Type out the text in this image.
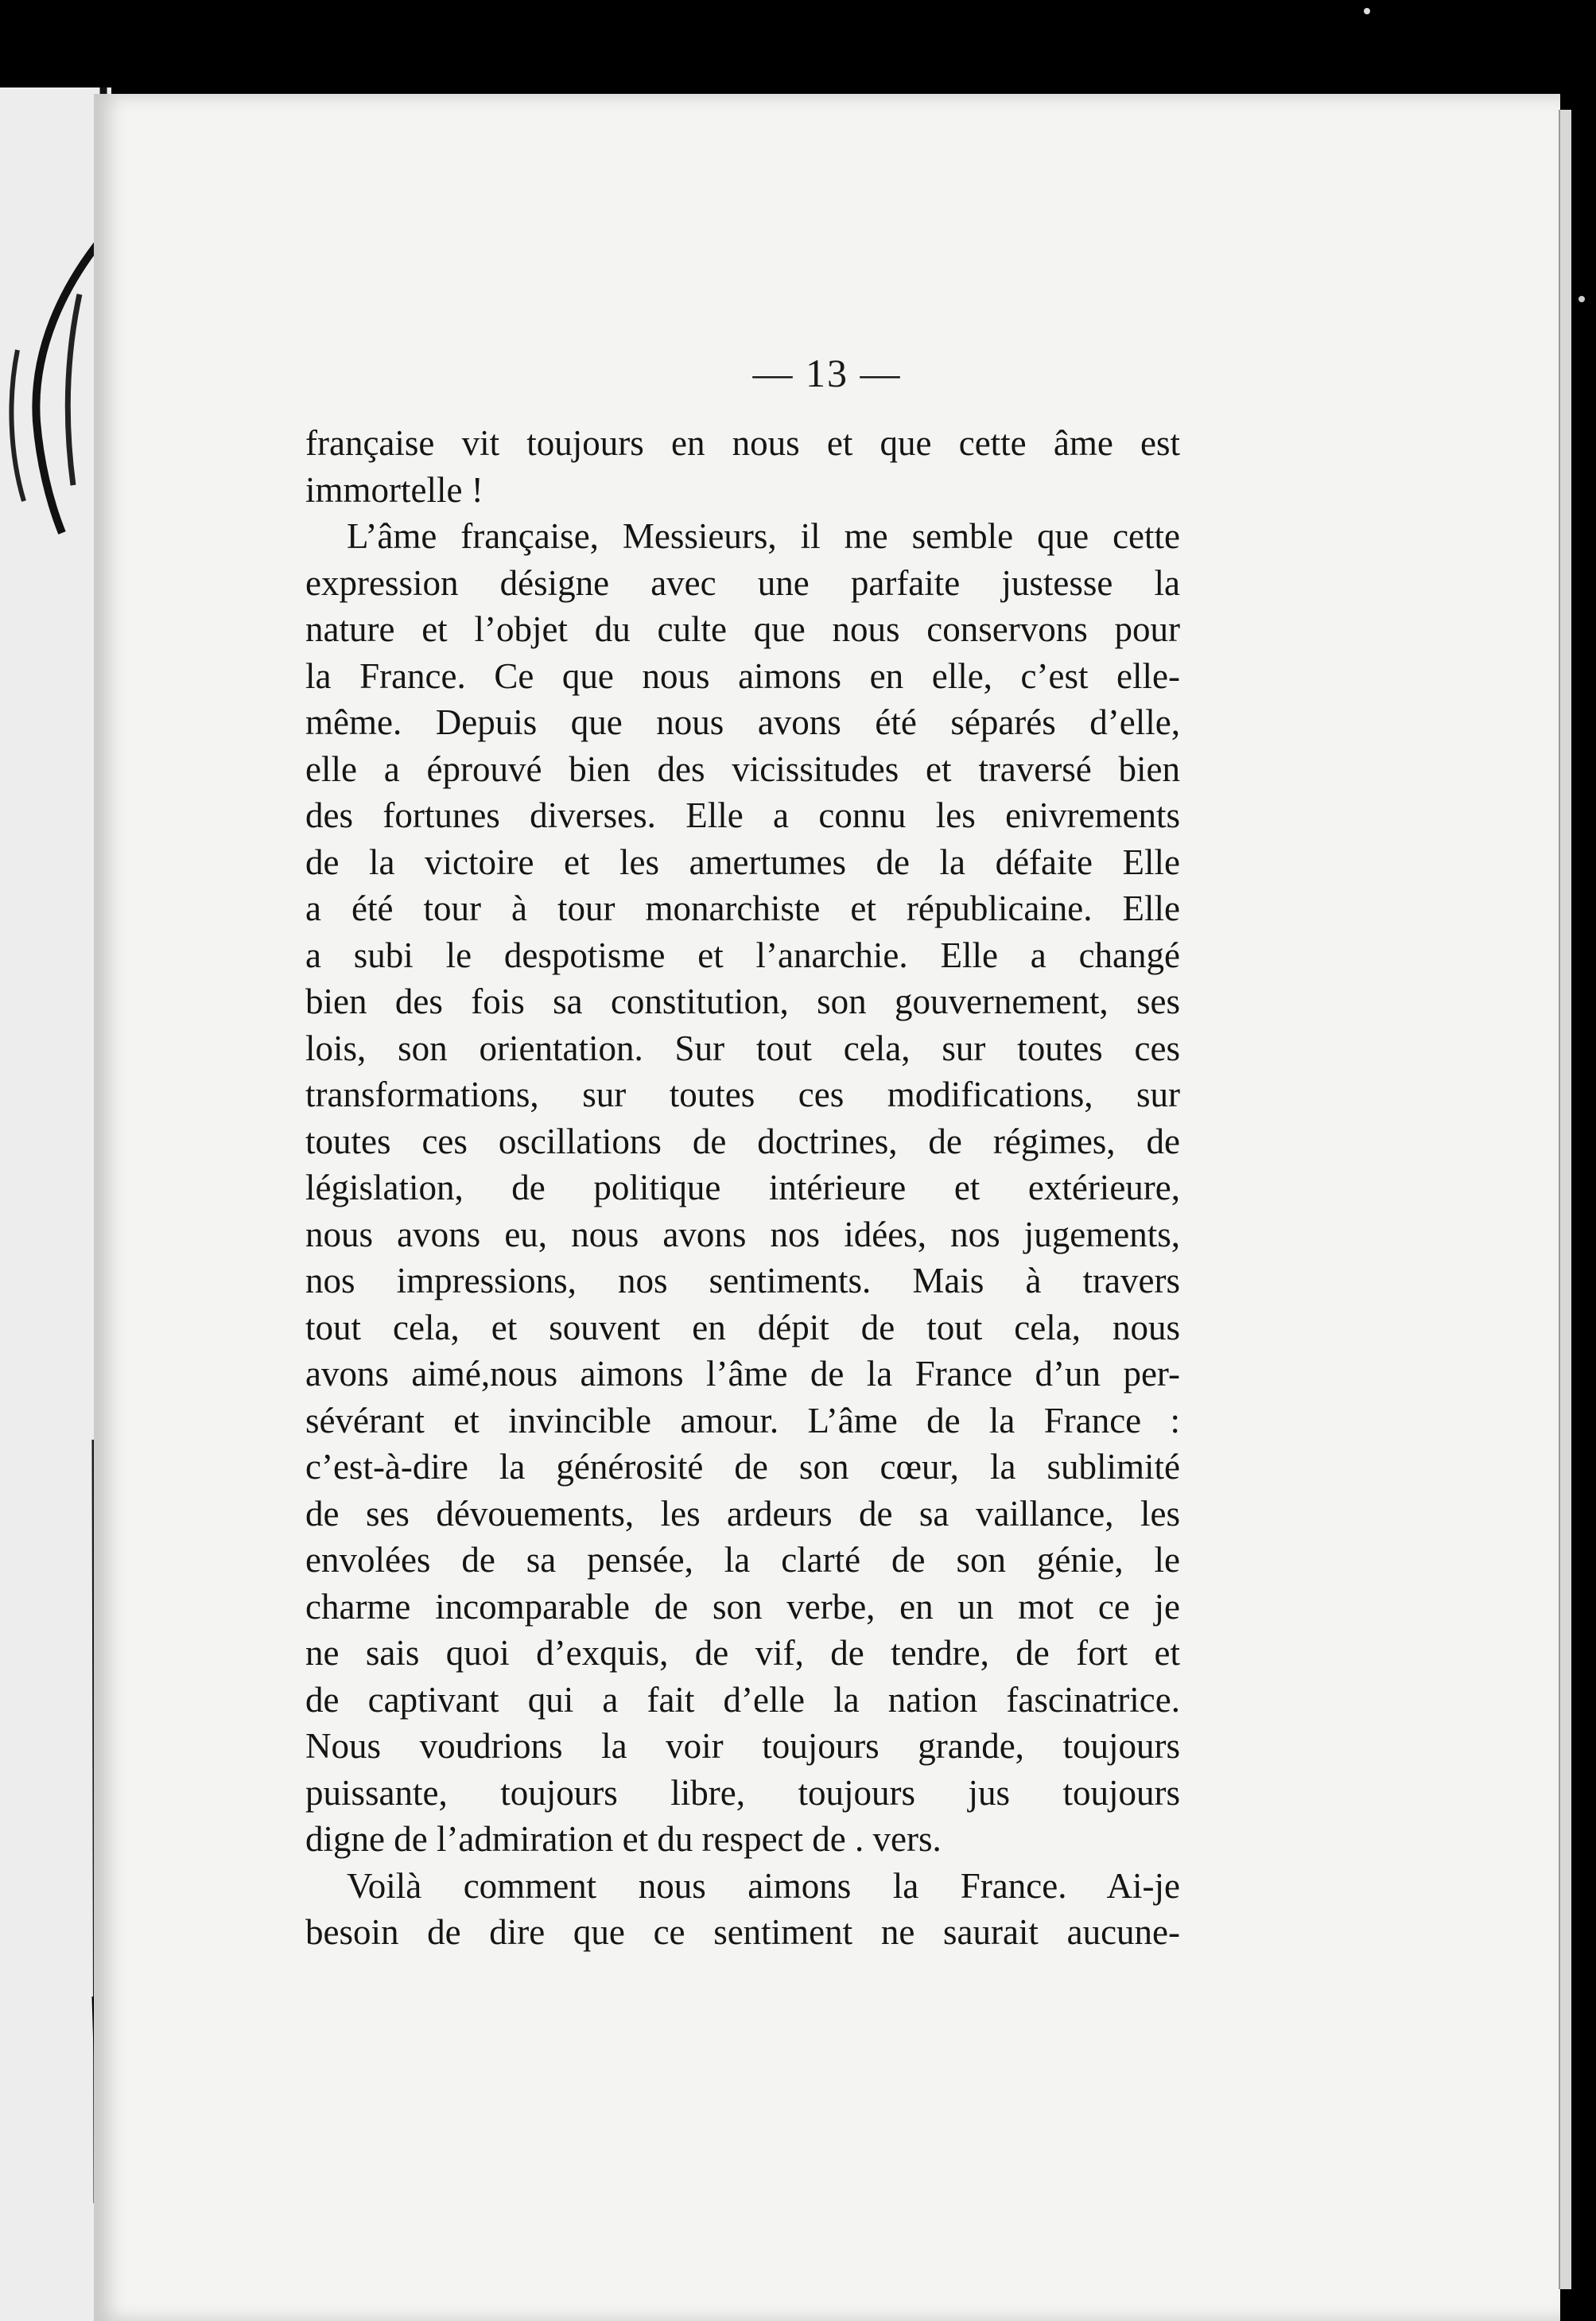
— 13 —
française vit toujours en nous et que cette âme est
immortelle !
L’âme française, Messieurs, il me semble que cette
expression désigne avec une parfaite justesse la
nature et l’objet du culte que nous conservons pour
la France. Ce que nous aimons en elle, c’est elle-
même. Depuis que nous avons été séparés d’elle,
elle a éprouvé bien des vicissitudes et traversé bien
des fortunes diverses. Elle a connu les enivrements
de la victoire et les amertumes de la défaite Elle
a été tour à tour monarchiste et républicaine. Elle
a subi le despotisme et l’anarchie. Elle a changé
bien des fois sa constitution, son gouvernement, ses
lois, son orientation. Sur tout cela, sur toutes ces
transformations, sur toutes ces modifications, sur
toutes ces oscillations de doctrines, de régimes, de
législation, de politique intérieure et extérieure,
nous avons eu, nous avons nos idées, nos jugements,
nos impressions, nos sentiments. Mais à travers
tout cela, et souvent en dépit de tout cela, nous
avons aimé,nous aimons l’âme de la France d’un per-
sévérant et invincible amour. L’âme de la France :
c’est-à-dire la générosité de son cœur, la sublimité
de ses dévouements, les ardeurs de sa vaillance, les
envolées de sa pensée, la clarté de son génie, le
charme incomparable de son verbe, en un mot ce je
ne sais quoi d’exquis, de vif, de tendre, de fort et
de captivant qui a fait d’elle la nation fascinatrice.
Nous voudrions la voir toujours grande, toujours
puissante, toujours libre, toujours jus toujours
digne de l’admiration et du respect de . vers.
Voilà comment nous aimons la France. Ai-je
besoin de dire que ce sentiment ne saurait aucune-
